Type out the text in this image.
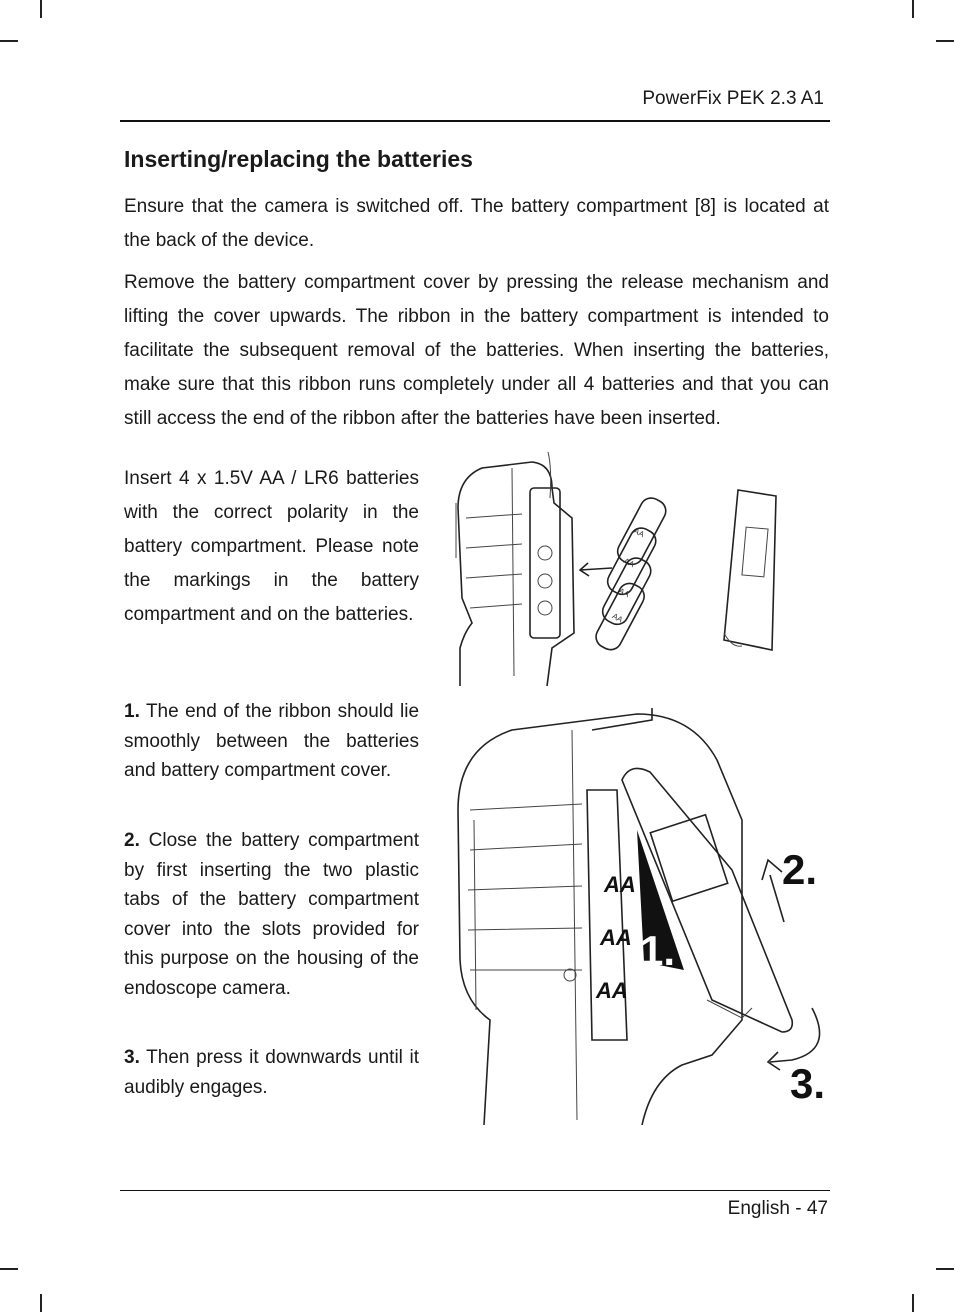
PowerFix PEK 2.3 A1
Inserting/replacing the batteries

Ensure that the camera is switched off. The battery compartment [8] is located at the back of the device.

Remove the battery compartment cover by pressing the release mechanism and lifting the cover upwards. The ribbon in the battery compartment is intended to facilitate the subsequent removal of the batteries. When inserting the batteries, make sure that this ribbon runs completely under all 4 batteries and that you can still access the end of the ribbon after the batteries have been inserted.

Insert 4 x 1.5V AA / LR6 batteries with the correct polarity in the battery compartment. Please note the markings in the battery compartment and on the batteries.

1. The end of the ribbon should lie smoothly between the batteries and battery compartment cover.
2. Close the battery compartment by first inserting the two plastic tabs of the battery compartment cover into the slots provided for this purpose on the housing of the endoscope camera.
3. Then press it downwards until it audibly engages.
AA
AA
AA
AA
AA
AA
AA
1.
2.
3.
English - 47
